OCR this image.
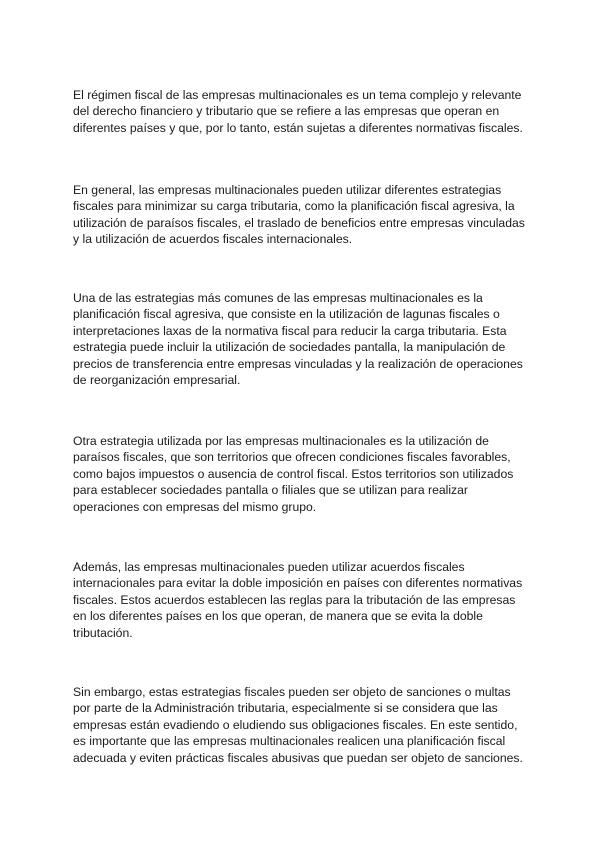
El régimen fiscal de las empresas multinacionales es un tema complejo y relevante
del derecho financiero y tributario que se refiere a las empresas que operan en
diferentes países y que, por lo tanto, están sujetas a diferentes normativas fiscales.
En general, las empresas multinacionales pueden utilizar diferentes estrategias
fiscales para minimizar su carga tributaria, como la planificación fiscal agresiva, la
utilización de paraísos fiscales, el traslado de beneficios entre empresas vinculadas
y la utilización de acuerdos fiscales internacionales.
Una de las estrategias más comunes de las empresas multinacionales es la
planificación fiscal agresiva, que consiste en la utilización de lagunas fiscales o
interpretaciones laxas de la normativa fiscal para reducir la carga tributaria. Esta
estrategia puede incluir la utilización de sociedades pantalla, la manipulación de
precios de transferencia entre empresas vinculadas y la realización de operaciones
de reorganización empresarial.
Otra estrategia utilizada por las empresas multinacionales es la utilización de
paraísos fiscales, que son territorios que ofrecen condiciones fiscales favorables,
como bajos impuestos o ausencia de control fiscal. Estos territorios son utilizados
para establecer sociedades pantalla o filiales que se utilizan para realizar
operaciones con empresas del mismo grupo.
Además, las empresas multinacionales pueden utilizar acuerdos fiscales
internacionales para evitar la doble imposición en países con diferentes normativas
fiscales. Estos acuerdos establecen las reglas para la tributación de las empresas
en los diferentes países en los que operan, de manera que se evita la doble
tributación.
Sin embargo, estas estrategias fiscales pueden ser objeto de sanciones o multas
por parte de la Administración tributaria, especialmente si se considera que las
empresas están evadiendo o eludiendo sus obligaciones fiscales. En este sentido,
es importante que las empresas multinacionales realicen una planificación fiscal
adecuada y eviten prácticas fiscales abusivas que puedan ser objeto de sanciones.
